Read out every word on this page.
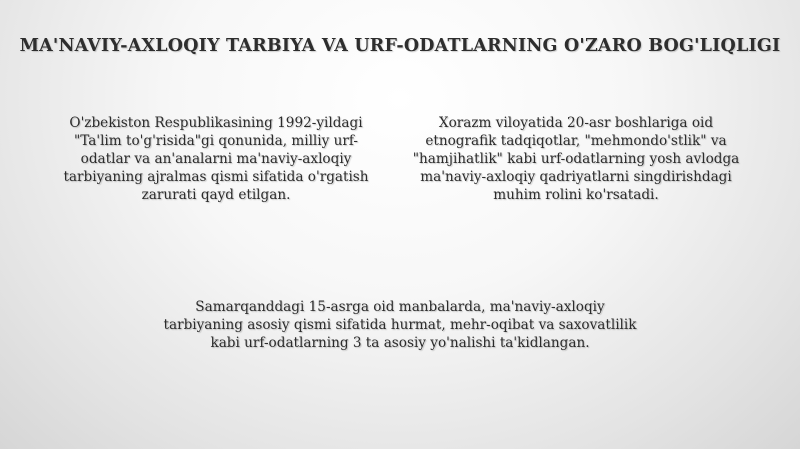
MA'NAVIY-AXLOQIY TARBIYA VA URF-ODATLARNING O'ZARO BOG'LIQLIGI
O'zbekiston Respublikasining 1992-yildagi
"Ta'lim to'g'risida"gi qonunida, milliy urf-
odatlar va an'analarni ma'naviy-axloqiy
tarbiyaning ajralmas qismi sifatida o'rgatish
zarurati qayd etilgan.
Xorazm viloyatida 20-asr boshlariga oid
etnografik tadqiqotlar, "mehmondo'stlik" va
"hamjihatlik" kabi urf-odatlarning yosh avlodga
ma'naviy-axloqiy qadriyatlarni singdirishdagi
muhim rolini ko'rsatadi.
Samarqanddagi 15-asrga oid manbalarda, ma'naviy-axloqiy
tarbiyaning asosiy qismi sifatida hurmat, mehr-oqibat va saxovatlilik
kabi urf-odatlarning 3 ta asosiy yo'nalishi ta'kidlangan.
